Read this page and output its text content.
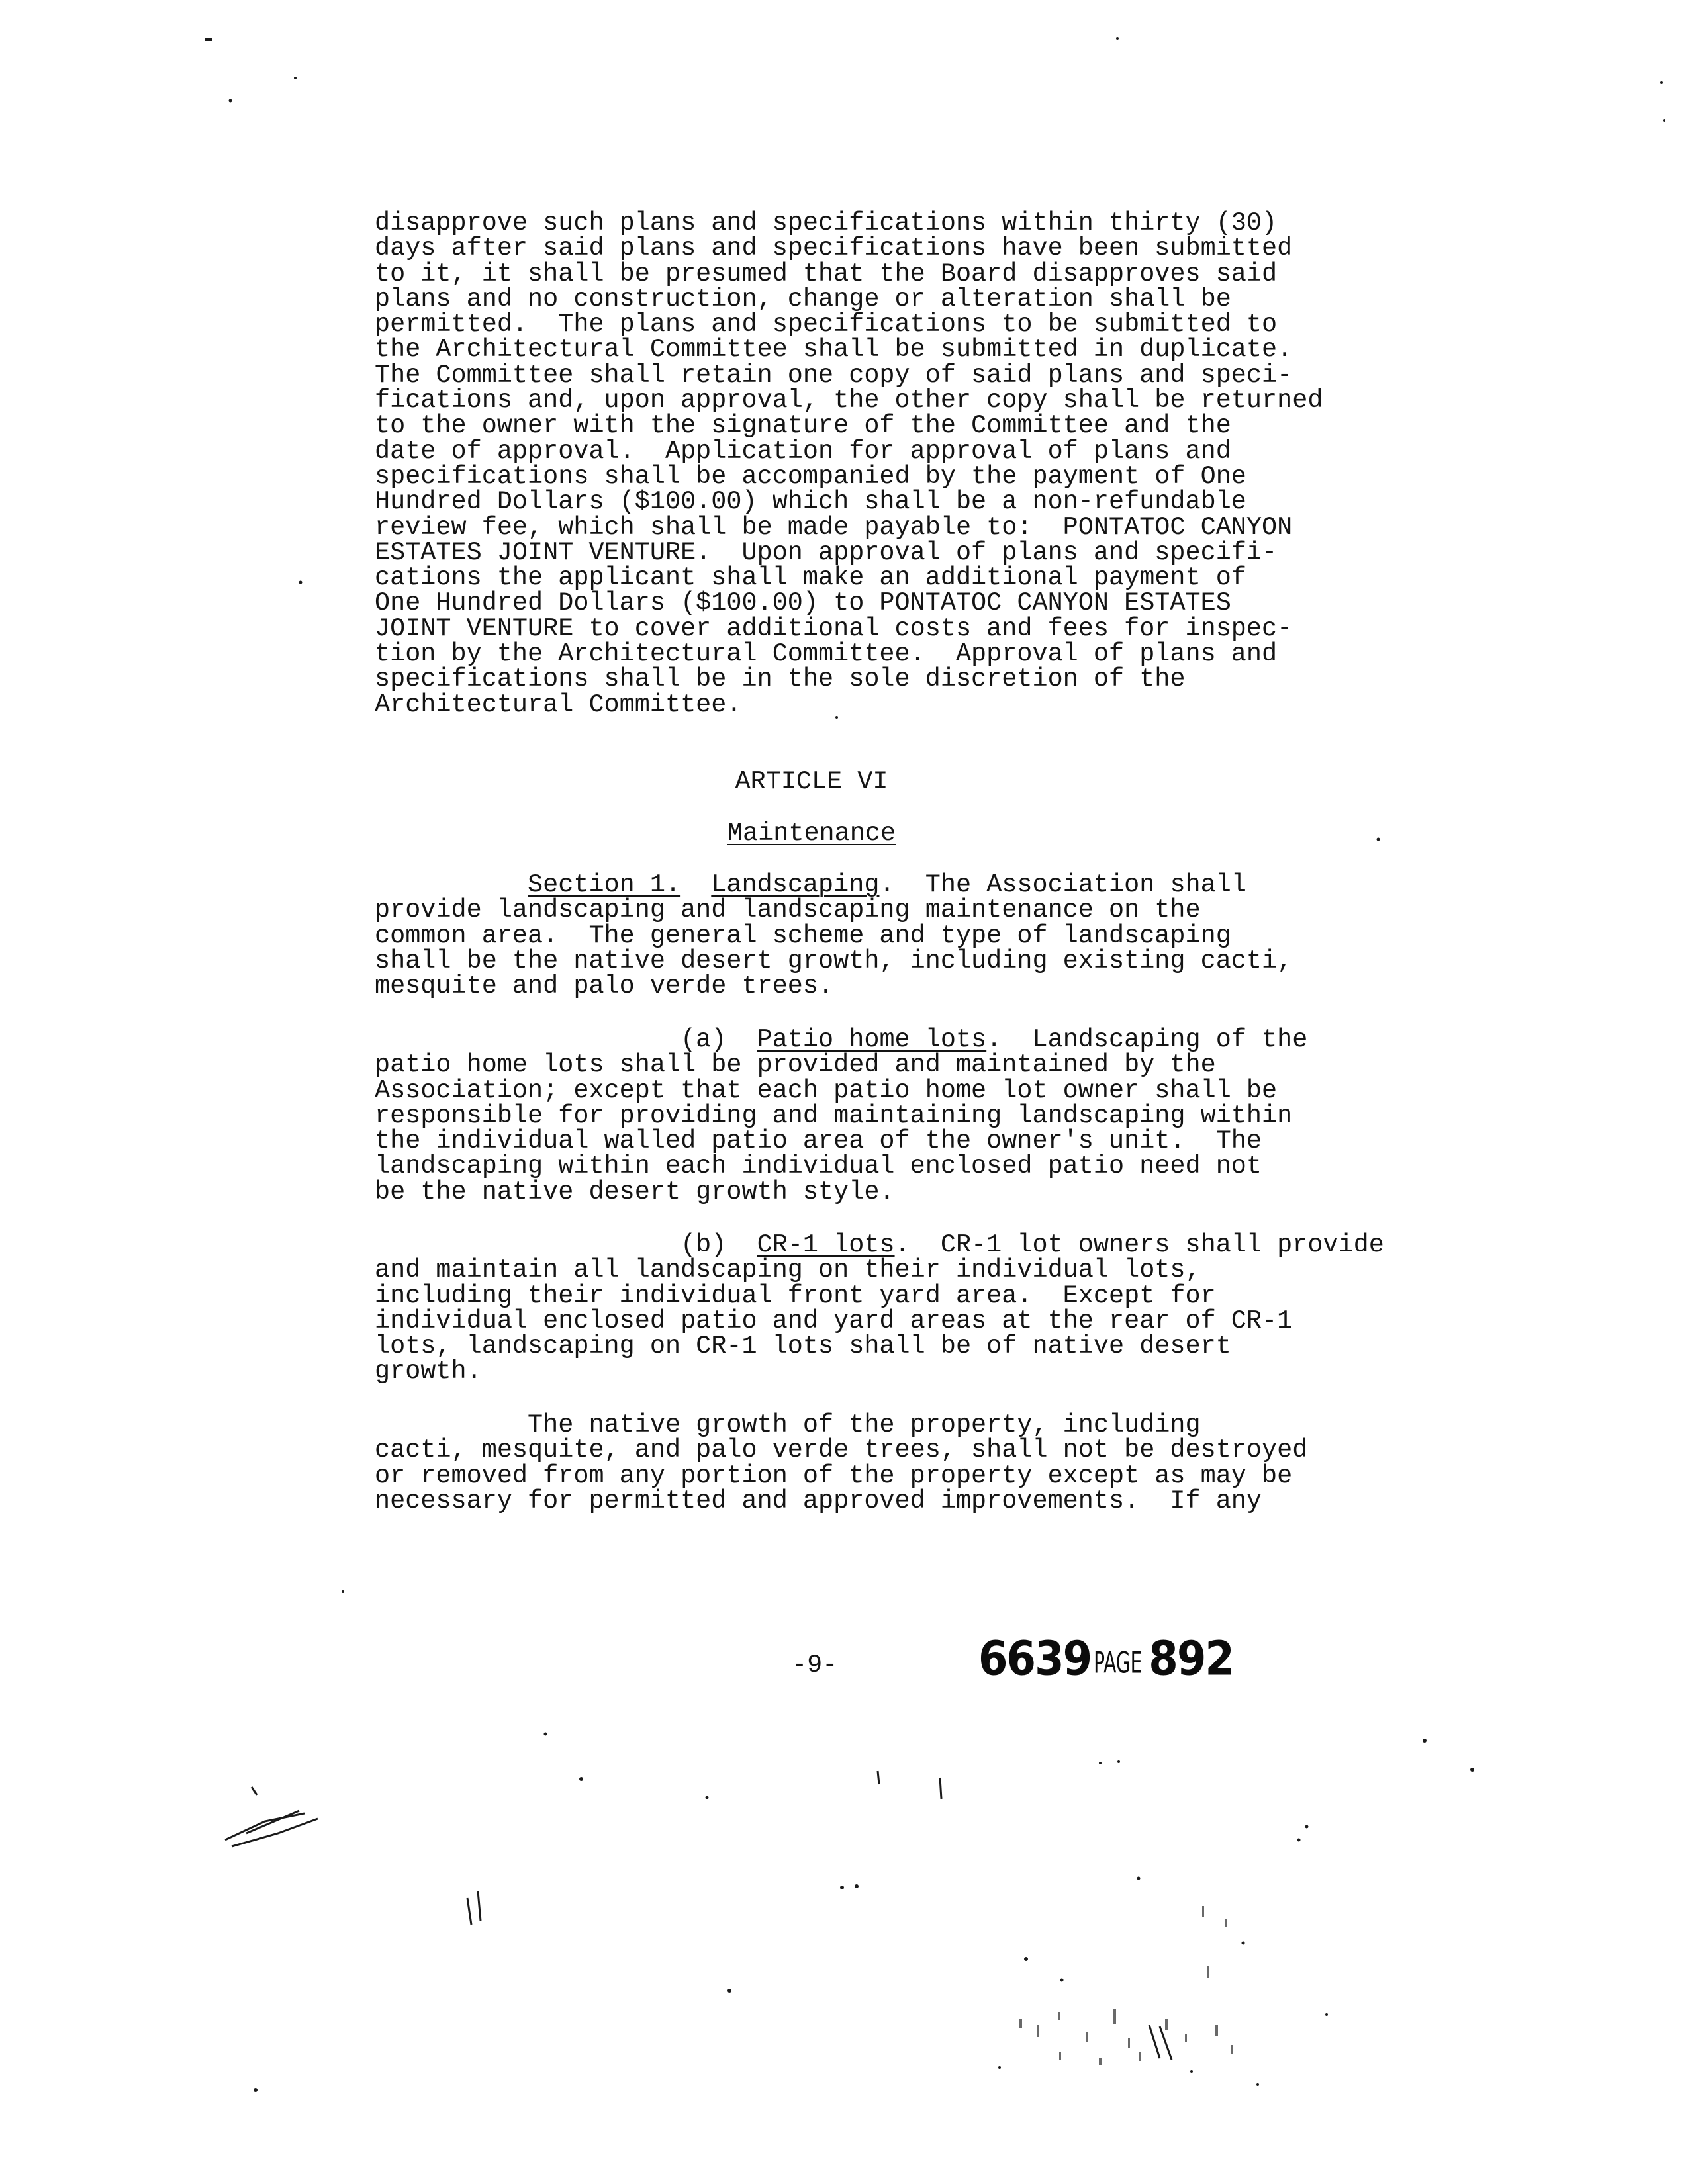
disapprove such plans and specifications within thirty (30)
days after said plans and specifications have been submitted
to it, it shall be presumed that the Board disapproves said
plans and no construction, change or alteration shall be
permitted.  The plans and specifications to be submitted to
the Architectural Committee shall be submitted in duplicate.
The Committee shall retain one copy of said plans and speci-
fications and, upon approval, the other copy shall be returned
to the owner with the signature of the Committee and the
date of approval.  Application for approval of plans and
specifications shall be accompanied by the payment of One
Hundred Dollars ($100.00) which shall be a non-refundable
review fee, which shall be made payable to:  PONTATOC CANYON
ESTATES JOINT VENTURE.  Upon approval of plans and specifi-
cations the applicant shall make an additional payment of
One Hundred Dollars ($100.00) to PONTATOC CANYON ESTATES
JOINT VENTURE to cover additional costs and fees for inspec-
tion by the Architectural Committee.  Approval of plans and
specifications shall be in the sole discretion of the
Architectural Committee.
ARTICLE VI
Maintenance
Section 1. Landscaping.  The Association shall
provide landscaping and landscaping maintenance on the
common area.  The general scheme and type of landscaping
shall be the native desert growth, including existing cacti,
mesquite and palo verde trees.
(a)  Patio home lots.  Landscaping of the
patio home lots shall be provided and maintained by the
Association; except that each patio home lot owner shall be
responsible for providing and maintaining landscaping within
the individual walled patio area of the owner's unit.  The
landscaping within each individual enclosed patio need not
be the native desert growth style.
(b)  CR-1 lots.  CR-1 lot owners shall provide
and maintain all landscaping on their individual lots,
including their individual front yard area.  Except for
individual enclosed patio and yard areas at the rear of CR-1
lots, landscaping on CR-1 lots shall be of native desert
growth.
The native growth of the property, including
cacti, mesquite, and palo verde trees, shall not be destroyed
or removed from any portion of the property except as may be
necessary for permitted and approved improvements.  If any
-9-	6639 PAGE 892
